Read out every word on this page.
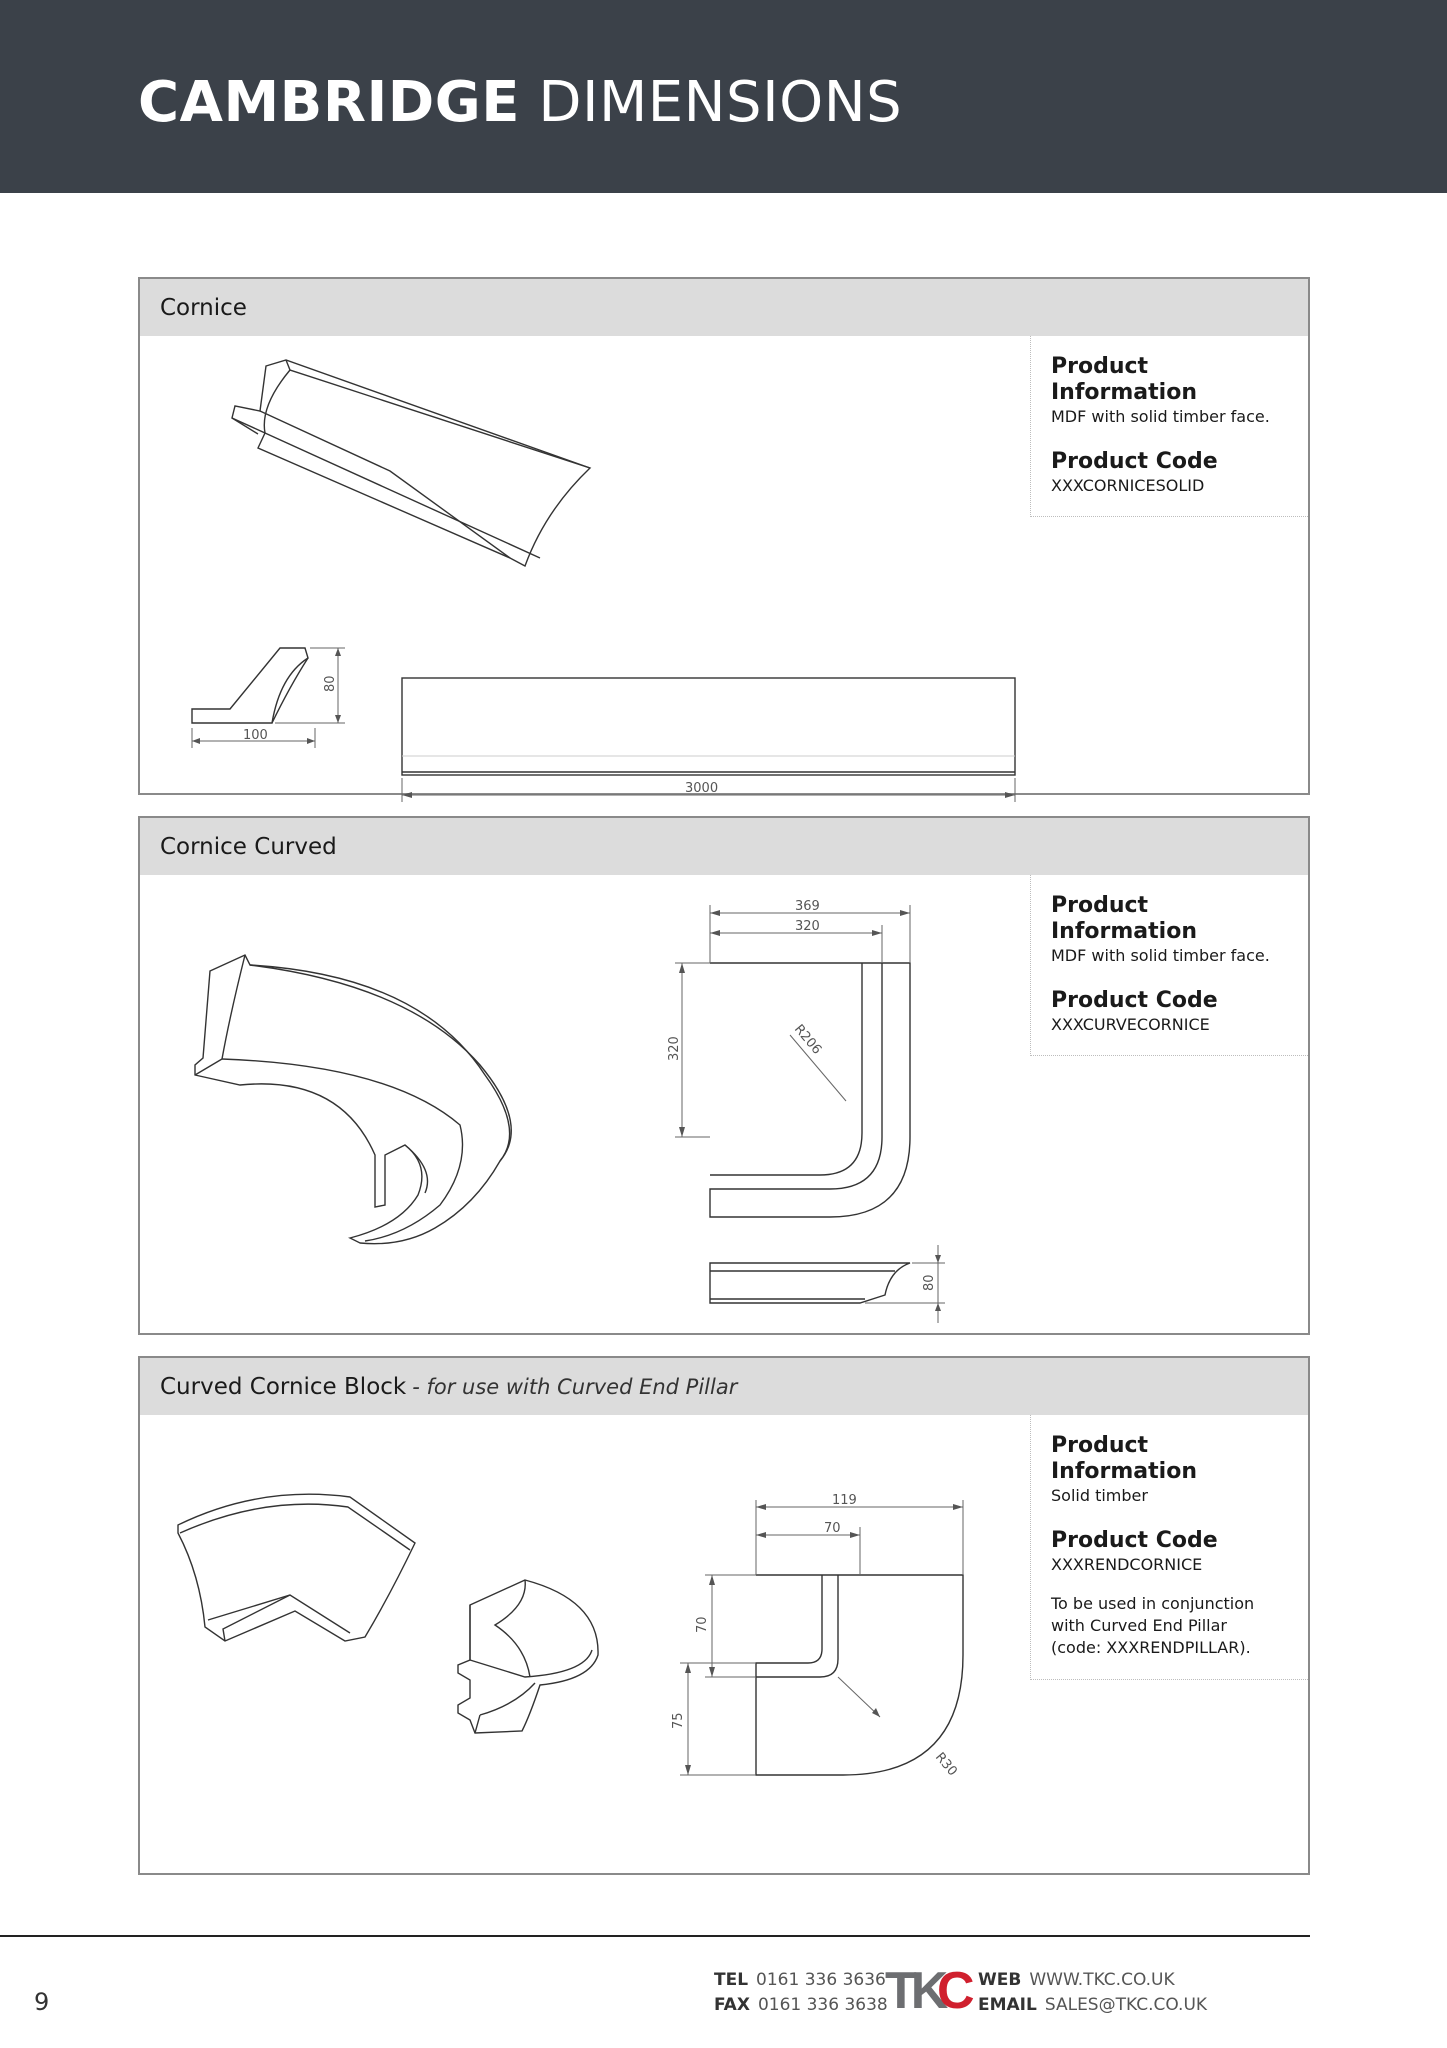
CAMBRIDGE DIMENSIONS
Cornice
100
80
3000
Product Information
MDF with solid timber face.
Product Code
XXXCORNICESOLID
Cornice Curved
369
320
320	R206
80
Product Information
MDF with solid timber face.
Product Code
XXXCURVECORNICE
Curved Cornice Block - for use with Curved End Pillar
R30
119
70
70
75
Product Information
Solid timber
Product Code
XXXRENDCORNICE
To be used in conjunction
with Curved End Pillar
(code: XXXRENDPILLAR).
9
TEL 0161 336 3636
FAX 0161 336 3638
TK
C WEB WWW.TKC.CO.UK
EMAIL SALES@TKC.CO.UK
